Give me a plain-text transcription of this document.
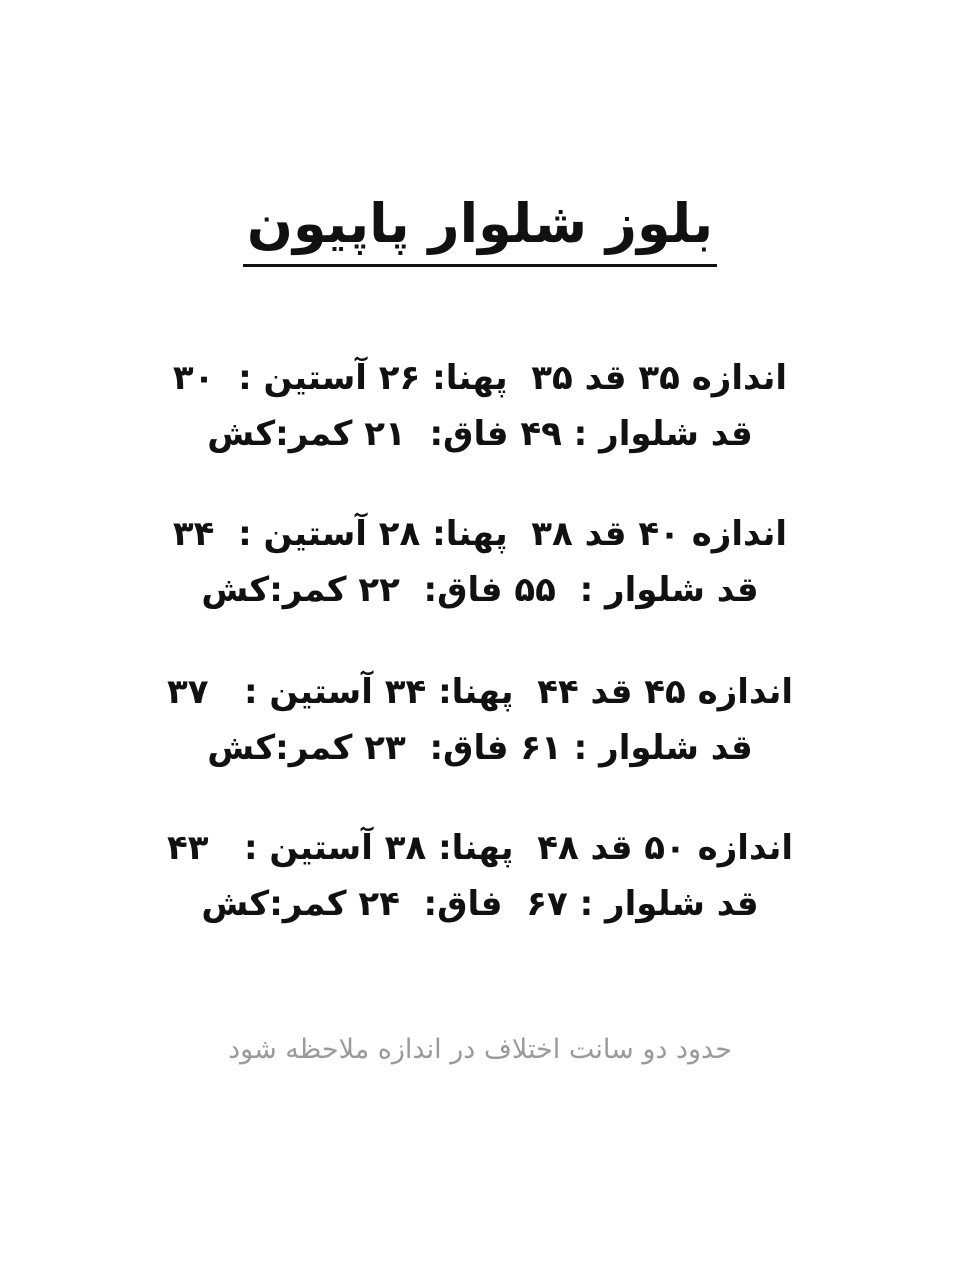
بلوز شلوار پاپیون
اندازه ۳۵ قد ۳۵  پهنا: ۲۶ آستین :  ۳۰
قد شلوار : ۴۹ فاق:  ۲۱ کمر:کش
اندازه ۴۰ قد ۳۸  پهنا: ۲۸ آستین :  ۳۴
قد شلوار :  ۵۵ فاق:  ۲۲ کمر:کش
اندازه ۴۵ قد ۴۴  پهنا: ۳۴ آستین :   ۳۷
قد شلوار : ۶۱ فاق:  ۲۳ کمر:کش
اندازه ۵۰ قد ۴۸  پهنا: ۳۸ آستین :   ۴۳
قد شلوار : ۶۷  فاق:  ۲۴ کمر:کش
حدود دو سانت اختلاف در اندازه ملاحظه شود
